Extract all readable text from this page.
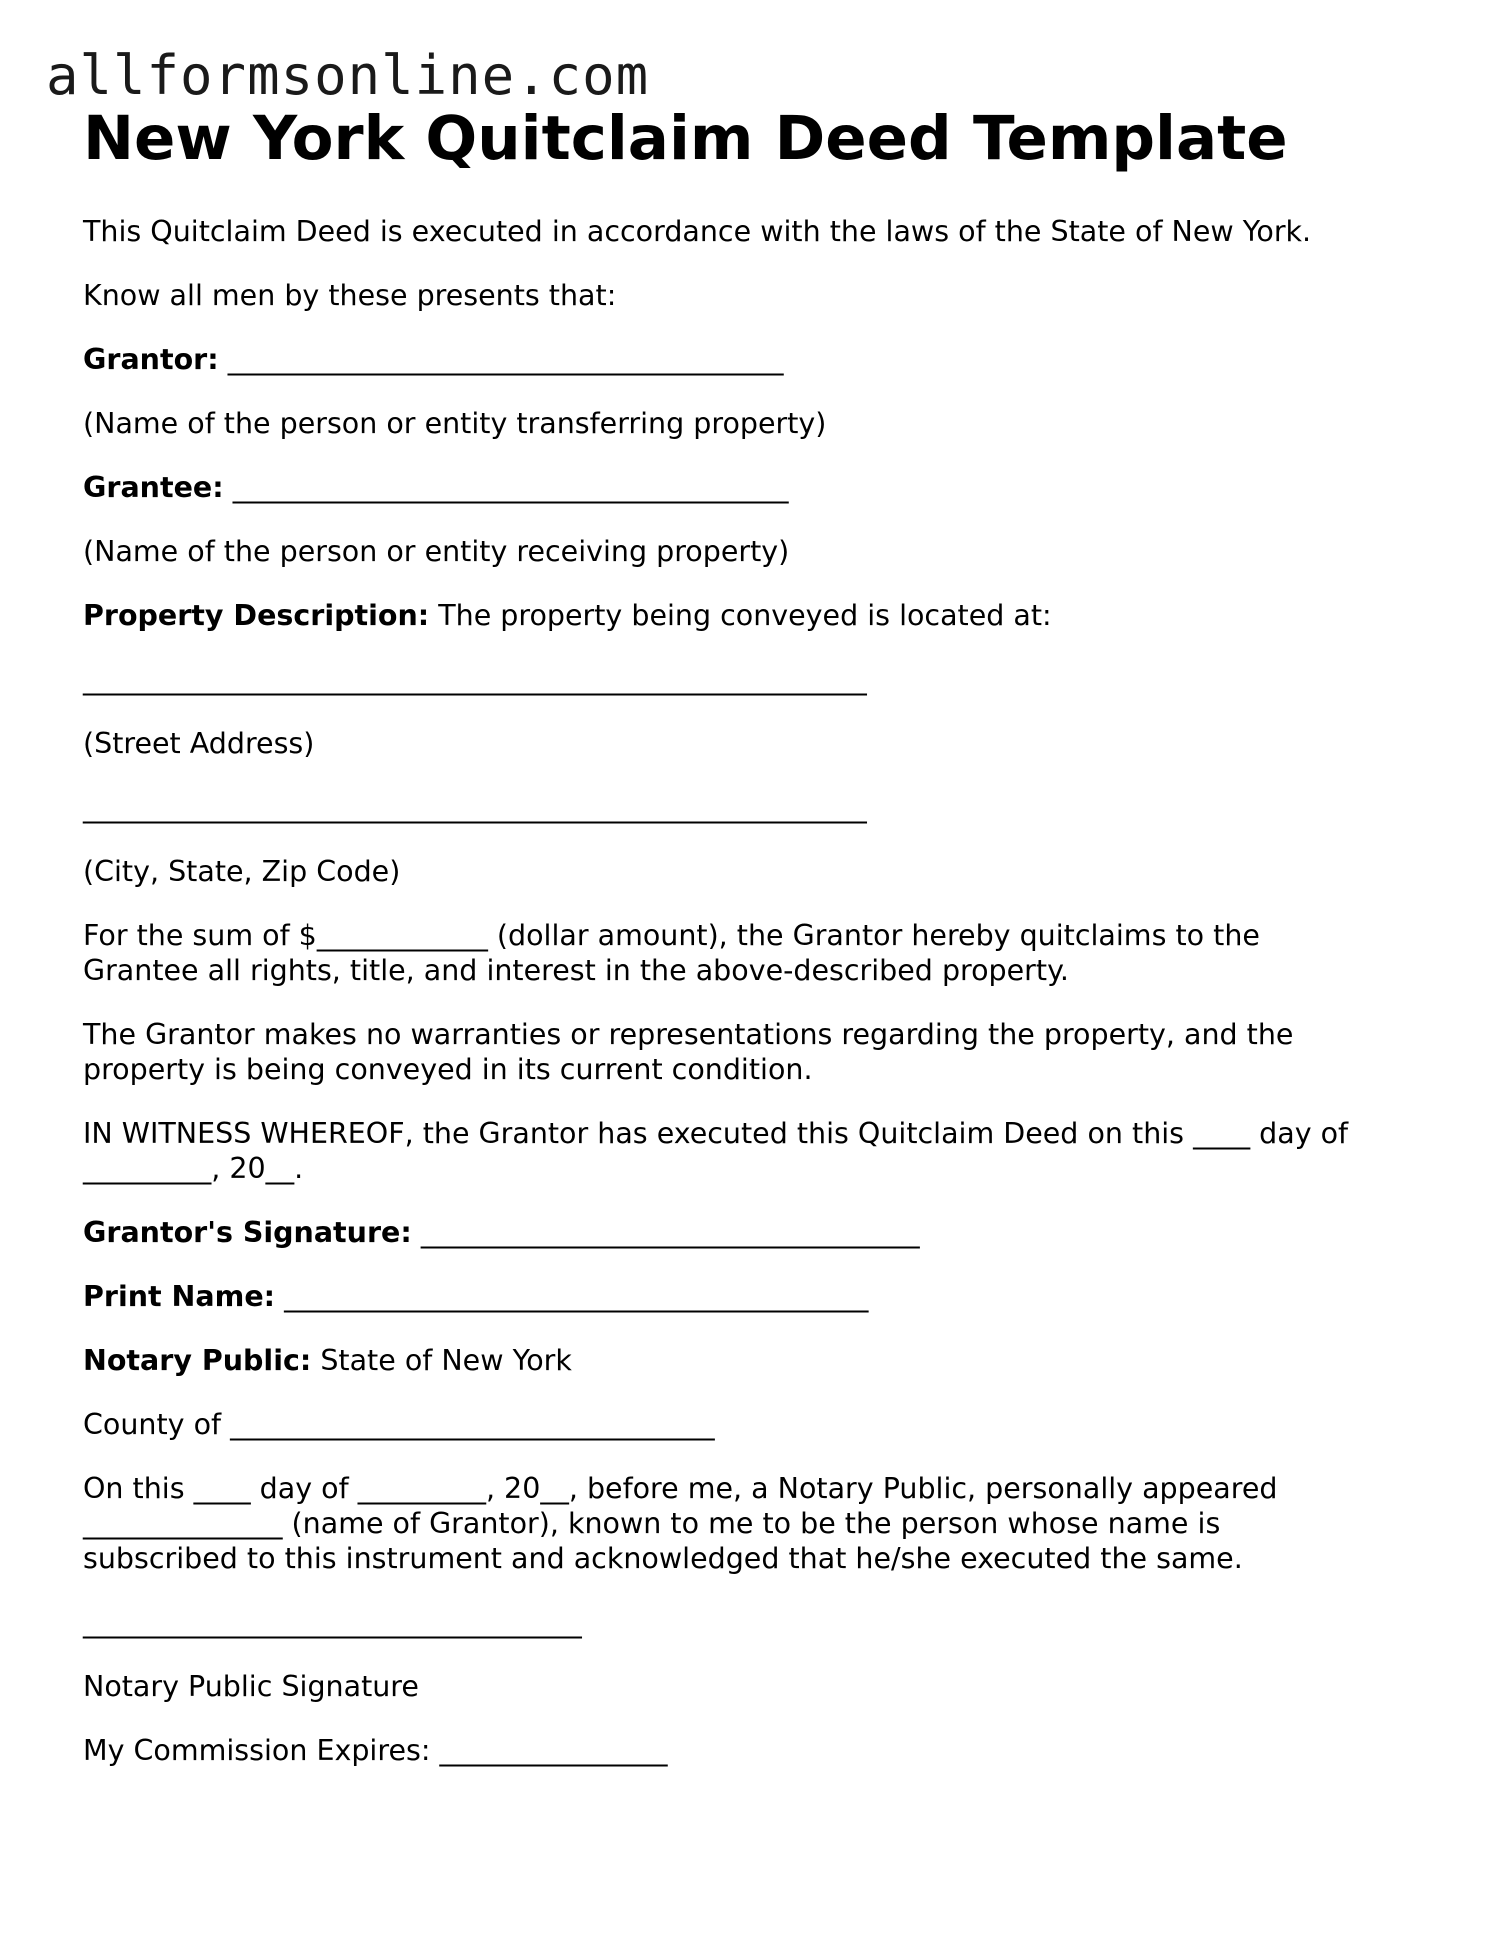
allformsonline.com
New York Quitclaim Deed Template

This Quitclaim Deed is executed in accordance with the laws of the State of New York.

Know all men by these presents that:

Grantor: _______________________________________

(Name of the person or entity transferring property)

Grantee: _______________________________________

(Name of the person or entity receiving property)

Property Description: The property being conveyed is located at:

_______________________________________________________

(Street Address)

_______________________________________________________

(City, State, Zip Code)

For the sum of $____________ (dollar amount), the Grantor hereby quitclaims to the

Grantee all rights, title, and interest in the above-described property.

The Grantor makes no warranties or representations regarding the property, and the

property is being conveyed in its current condition.

IN WITNESS WHEREOF, the Grantor has executed this Quitclaim Deed on this ____ day of

_________, 20__.

Grantor's Signature: ___________________________________

Print Name: _________________________________________

Notary Public: State of New York

County of __________________________________

On this ____ day of _________, 20__, before me, a Notary Public, personally appeared

______________ (name of Grantor), known to me to be the person whose name is

subscribed to this instrument and acknowledged that he/she executed the same.

___________________________________

Notary Public Signature

My Commission Expires: ________________
